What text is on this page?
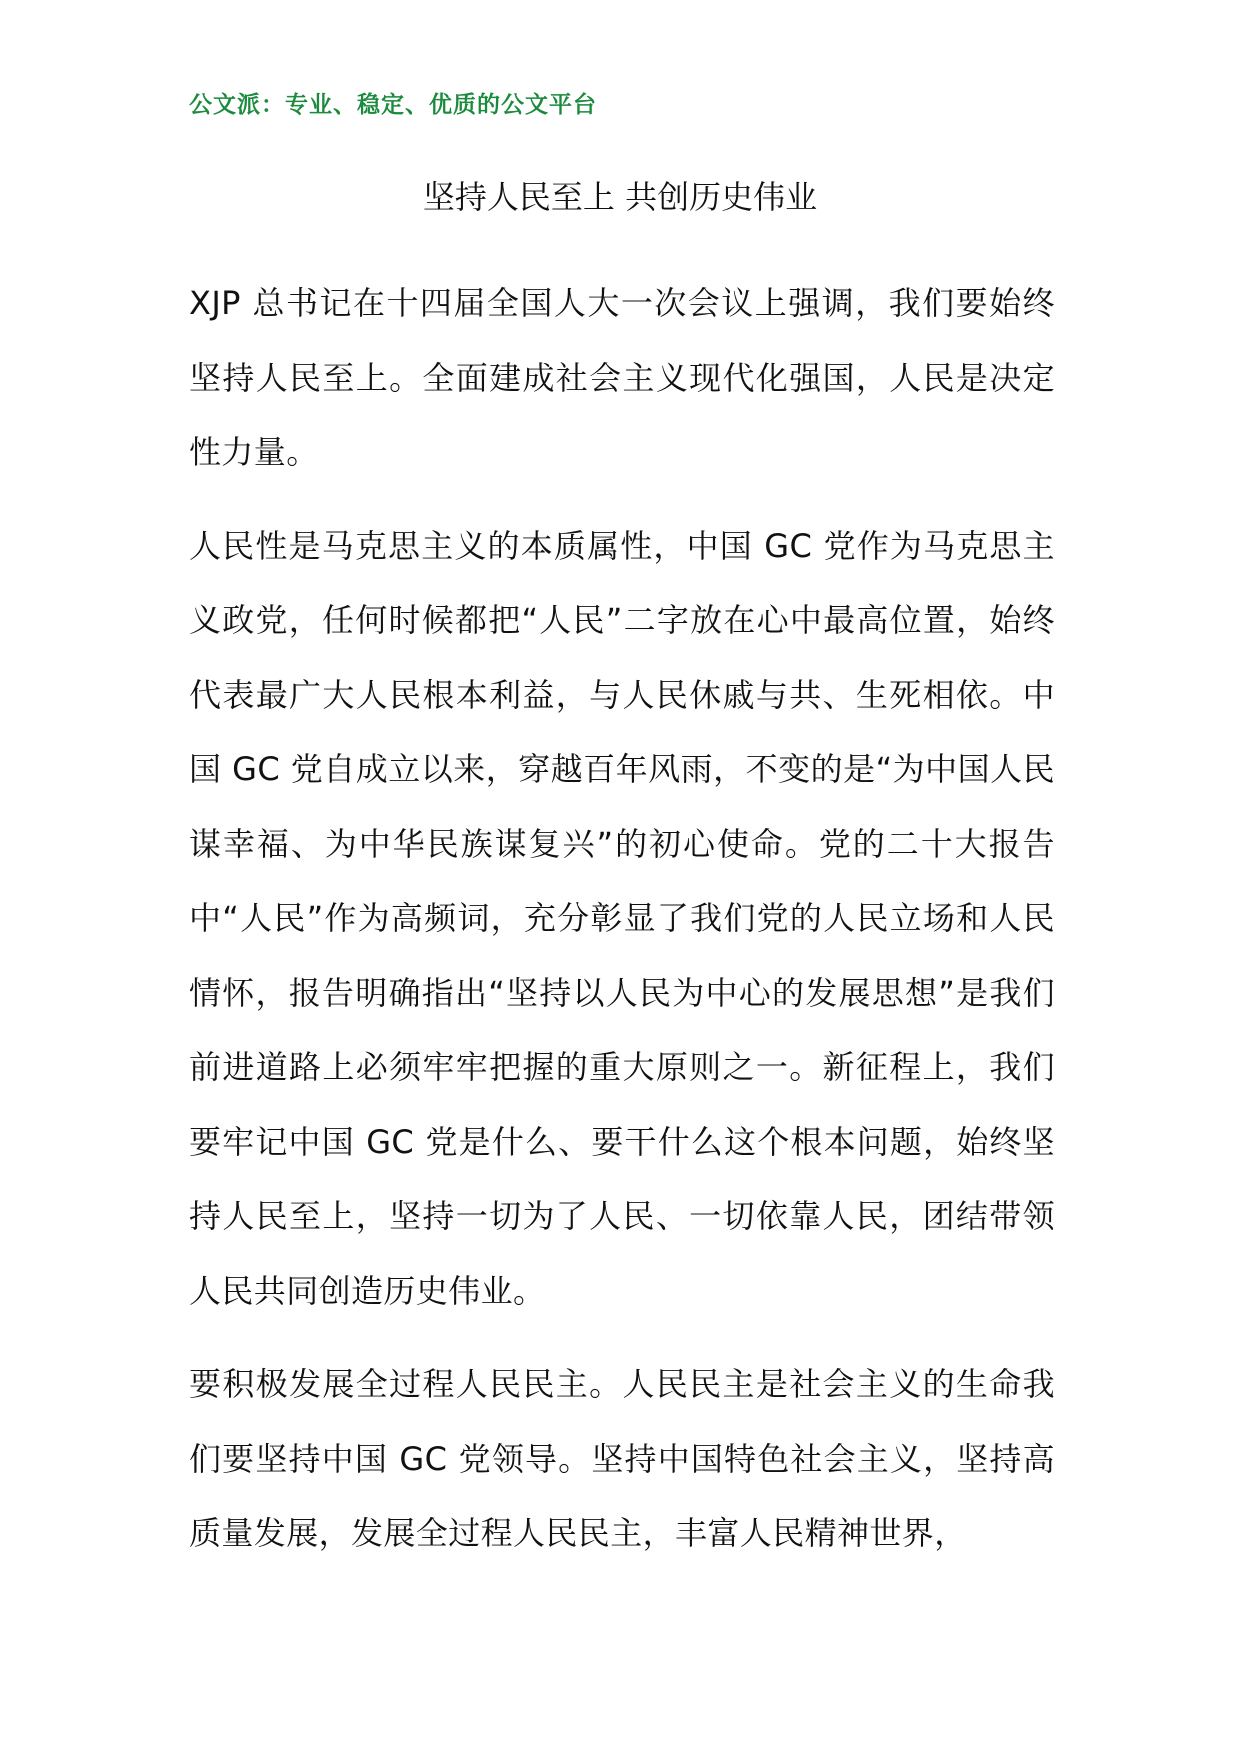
公文派：专业、稳定、优质的公文平台
坚持人民至上 共创历史伟业

XJP 总书记在十四届全国人大一次会议上强调，我们要始终坚持人民至上。全面建成社会主义现代化强国，人民是决定性力量。

人民性是马克思主义的本质属性，中国 GC 党作为马克思主义政党，任何时候都把“人民”二字放在心中最高位置，始终代表最广大人民根本利益，与人民休戚与共、生死相依。中国 GC 党自成立以来，穿越百年风雨，不变的是“为中国人民谋幸福、为中华民族谋复兴”的初心使命。党的二十大报告中“人民”作为高频词，充分彰显了我们党的人民立场和人民情怀，报告明确指出“坚持以人民为中心的发展思想”是我们前进道路上必须牢牢把握的重大原则之一。新征程上，我们要牢记中国 GC 党是什么、要干什么这个根本问题，始终坚持人民至上，坚持一切为了人民、一切依靠人民，团结带领人民共同创造历史伟业。

要积极发展全过程人民民主。人民民主是社会主义的生命我们要坚持中国 GC 党领导。坚持中国特色社会主义，坚持高质量发展，发展全过程人民民主，丰富人民精神世界，
